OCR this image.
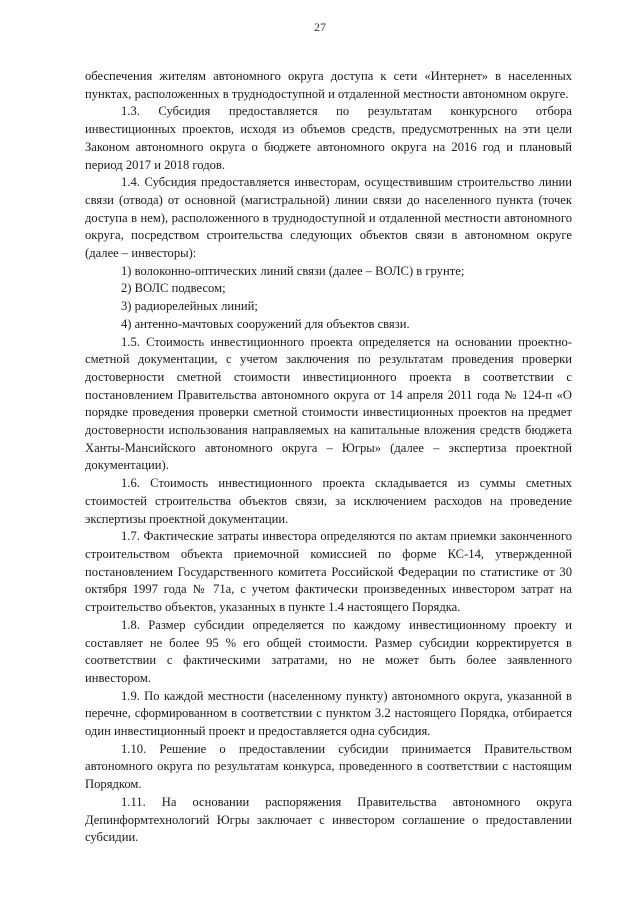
27

обеспечения жителям автономного округа доступа к сети «Интернет» в населенных пунктах, расположенных в труднодоступной и отдаленной местности автономном округе.

1.3. Субсидия предоставляется по результатам конкурсного отбора инвестиционных проектов, исходя из объемов средств, предусмотренных на эти цели Законом автономного округа о бюджете автономного округа на 2016 год и плановый период 2017 и 2018 годов.

1.4. Субсидия предоставляется инвесторам, осуществившим строительство линии связи (отвода) от основной (магистральной) линии связи до населенного пункта (точек доступа в нем), расположенного в труднодоступной и отдаленной местности автономного округа, посредством строительства следующих объектов связи в автономном округе (далее – инвесторы):

1) волоконно-оптических линий связи (далее – ВОЛС) в грунте;

2) ВОЛС подвесом;

3) радиорелейных линий;

4) антенно-мачтовых сооружений для объектов связи.

1.5. Стоимость инвестиционного проекта определяется на основании проектно-сметной документации, с учетом заключения по результатам проведения проверки достоверности сметной стоимости инвестиционного проекта в соответствии с постановлением Правительства автономного округа от 14 апреля 2011 года № 124-п «О порядке проведения проверки сметной стоимости инвестиционных проектов на предмет достоверности использования направляемых на капитальные вложения средств бюджета Ханты-Мансийского автономного округа – Югры» (далее – экспертиза проектной документации).

1.6. Стоимость инвестиционного проекта складывается из суммы сметных стоимостей строительства объектов связи, за исключением расходов на проведение экспертизы проектной документации.

1.7. Фактические затраты инвестора определяются по актам приемки законченного строительством объекта приемочной комиссией по форме КС-14, утвержденной постановлением Государственного комитета Российской Федерации по статистике от 30 октября 1997 года № 71а, с учетом фактически произведенных инвестором затрат на строительство объектов, указанных в пункте 1.4 настоящего Порядка.

1.8. Размер субсидии определяется по каждому инвестиционному проекту и составляет не более 95 % его общей стоимости. Размер субсидии корректируется в соответствии с фактическими затратами, но не может быть более заявленного инвестором.

1.9. По каждой местности (населенному пункту) автономного округа, указанной в перечне, сформированном в соответствии с пунктом 3.2 настоящего Порядка, отбирается один инвестиционный проект и предоставляется одна субсидия.

1.10. Решение о предоставлении субсидии принимается Правительством автономного округа по результатам конкурса, проведенного в соответствии с настоящим Порядком.

1.11. На основании распоряжения Правительства автономного округа Депинформтехнологий Югры заключает с инвестором соглашение о предоставлении субсидии.
